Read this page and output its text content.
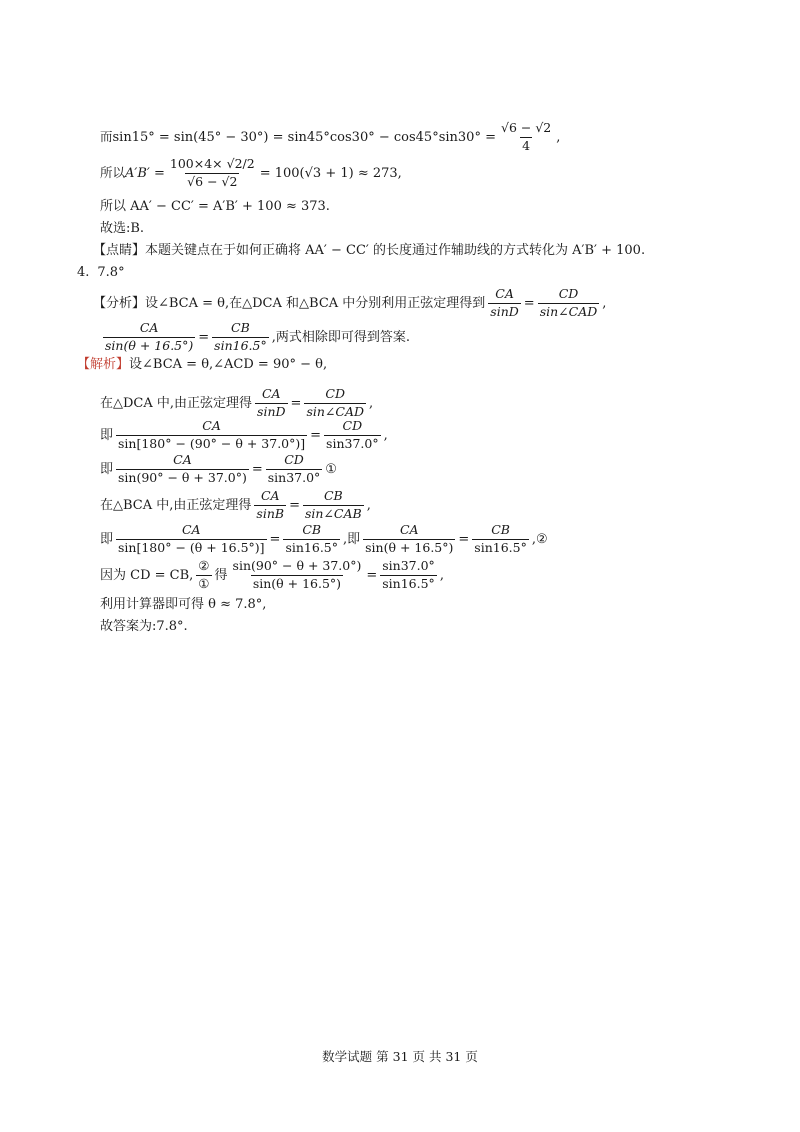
而 $\sin 15^\circ = \sin(45^\circ - 30^\circ) = \sin 45^\circ\cos 30^\circ - \cos 45^\circ\sin 30^\circ = \frac{√6 - √2}{4}$ ,
所以 $A'B' = \frac{100\times 4\times √2/2}{√6 - √2} = 100(√3 + 1) \approx 273$,
所以 AA′ − CC′ = A′B′ + 100 ≈ 373.
故选:B.
【点睛】本题关键点在于如何正确将 AA′ − CC′ 的长度通过作辅助线的方式转化为 A′B′ + 100.
4. 7.8°
【分析】设∠BCA = θ,在△DCA 和△BCA 中分别利用正弦定理得到 $\frac{CA}{\sin D} = \frac{CD}{\text{sin∠CAD}}$ ,
$\frac{CA}{\sin(\theta + 16.5^\circ)} = \frac{CB}{\sin 16.5^\circ}$ ,两式相除即可得到答案.
【解析】 设∠BCA = θ,∠ACD = 90° − θ,
在△DCA 中,由正弦定理得 $\frac{CA}{\sin D} = \frac{CD}{\text{sin∠CAD}}$ ,
即 $\frac{CA}{\sin[180^\circ - (90^\circ - \theta + 37.0^\circ)]} = \frac{CD}{\sin 37.0^\circ}$ ,
即 $\frac{CA}{\sin(90^\circ - \theta + 37.0^\circ)} = \frac{CD}{\sin 37.0^\circ}$ ①
在△BCA 中,由正弦定理得 $\frac{CA}{\sin B} = \frac{CB}{\text{sin∠CAB}}$ ,
即 $\frac{CA}{\sin[180^\circ - (\theta + 16.5^\circ)]} = \frac{CB}{\sin 16.5^\circ}$ ,即 $\frac{CA}{\sin(\theta + 16.5^\circ)} = \frac{CB}{\sin 16.5^\circ}$ ,②
因为 CD = CB, $\frac{\text{②}}{\text{①}}$ 得 $\frac{\sin(90^\circ - \theta + 37.0^\circ)}{\sin(\theta + 16.5^\circ)} = \frac{\sin 37.0^\circ}{\sin 16.5^\circ}$ ,
利用计算器即可得 θ ≈ 7.8°,
故答案为:7.8°.
数学试题 第 31 页 共 31 页
